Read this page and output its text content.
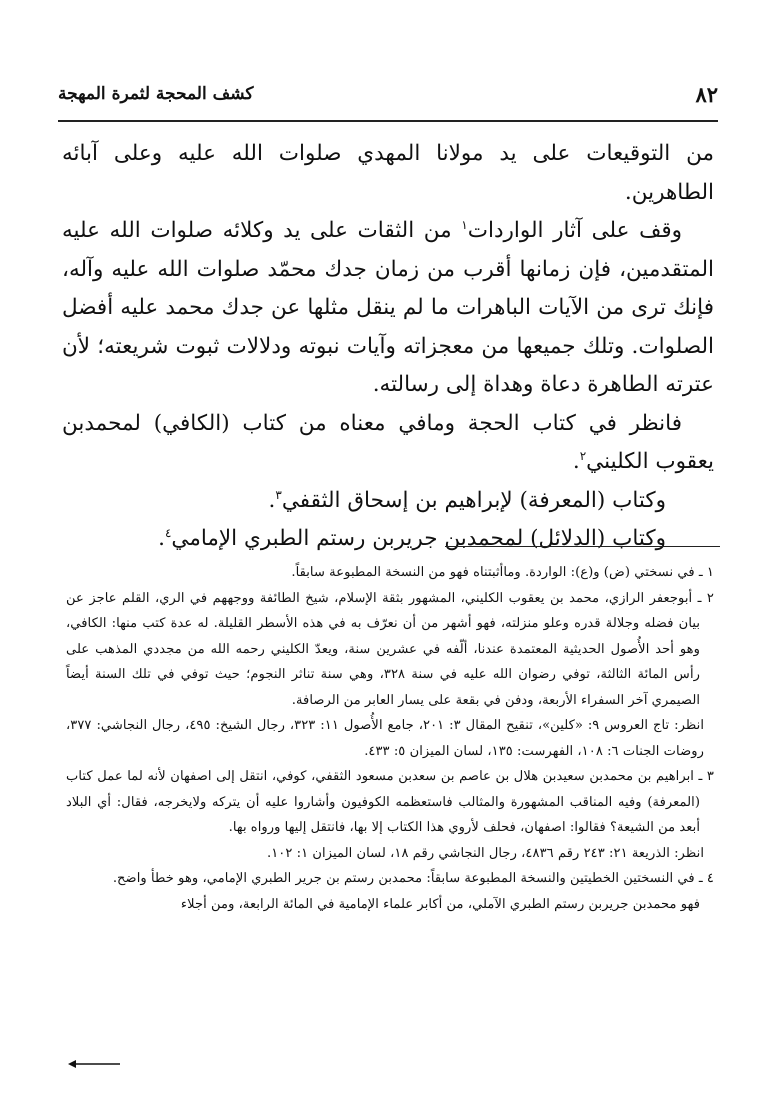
٨٢
كشف المحجة لثمرة المهجة

من التوقيعات على يد مولانا المهدي صلوات الله عليه وعلى آبائه الطاهرين.

وقف على آثار الواردات$^١$ من الثقات على يد وكلائه صلوات الله عليه المتقدمين، فإن زمانها أقرب من زمان جدك محمّد صلوات الله عليه وآله، فإنك ترى من الآيات الباهرات ما لم ينقل مثلها عن جدك محمد عليه أفضل الصلوات. وتلك جميعها من معجزاته وآيات نبوته ودلالات ثبوت شريعته؛ لأن عترته الطاهرة دعاة وهداة إلى رسالته.

فانظر في كتاب الحجة ومافي معناه من كتاب (الكافي) لمحمدبن يعقوب الكليني$^٢$.

وكتاب (المعرفة) لإبراهيم بن إسحاق الثقفي$^٣$.

وكتاب (الدلائل) لمحمدبن جريربن رستم الطبري الإمامي$^٤$.

١ ـ في نسختي (ض) و(ع): الواردة. وماأثبتناه فهو من النسخة المطبوعة سابقاً.

٢ ـ أبوجعفر الرازي، محمد بن يعقوب الكليني، المشهور بثقة الإسلام، شيخ الطائفة ووجههم في الري، القلم عاجز عن بيان فضله وجلالة قدره وعلو منزلته، فهو أشهر من أن نعرّف به في هذه الأسطر القليلة. له عدة كتب منها: الكافي، وهو أحد الأُصول الحديثية المعتمدة عندنا، ألّفه في عشرين سنة، ويعدّ الكليني رحمه الله من مجددي المذهب على رأس المائة الثالثة، توفي رضوان الله عليه في سنة ٣٢٨، وهي سنة تناثر النجوم؛ حيث توفي في تلك السنة أيضاً الصيمري آخر السفراء الأربعة، ودفن في بقعة على يسار العابر من الرصافة.

انظر: تاج العروس ٩: «كلين»، تنقيح المقال ٣: ٢٠١، جامع الأُصول ١١: ٣٢٣، رجال الشيخ: ٤٩٥، رجال النجاشي: ٣٧٧، روضات الجنات ٦: ١٠٨، الفهرست: ١٣٥، لسان الميزان ٥: ٤٣٣.

٣ ـ ابراهيم بن محمدبن سعيدبن هلال بن عاصم بن سعدبن مسعود الثقفي، كوفي، انتقل إلى اصفهان لأنه لما عمل كتاب (المعرفة) وفيه المناقب المشهورة والمثالب فاستعظمه الكوفيون وأشاروا عليه أن يتركه ولايخرجه، فقال: أي البلاد أبعد من الشيعة؟ فقالوا: اصفهان، فحلف لأروي هذا الكتاب إلا بها، فانتقل إليها ورواه بها.

انظر: الذريعة ٢١: ٢٤٣ رقم ٤٨٣٦، رجال النجاشي رقم ١٨، لسان الميزان ١: ١٠٢.

٤ ـ في النسختين الخطيتين والنسخة المطبوعة سابقاً: محمدبن رستم بن جرير الطبري الإمامي، وهو خطأ واضح.

فهو محمدبن جريربن رستم الطبري الآملي، من أكابر علماء الإمامية في المائة الرابعة، ومن أجلاء
